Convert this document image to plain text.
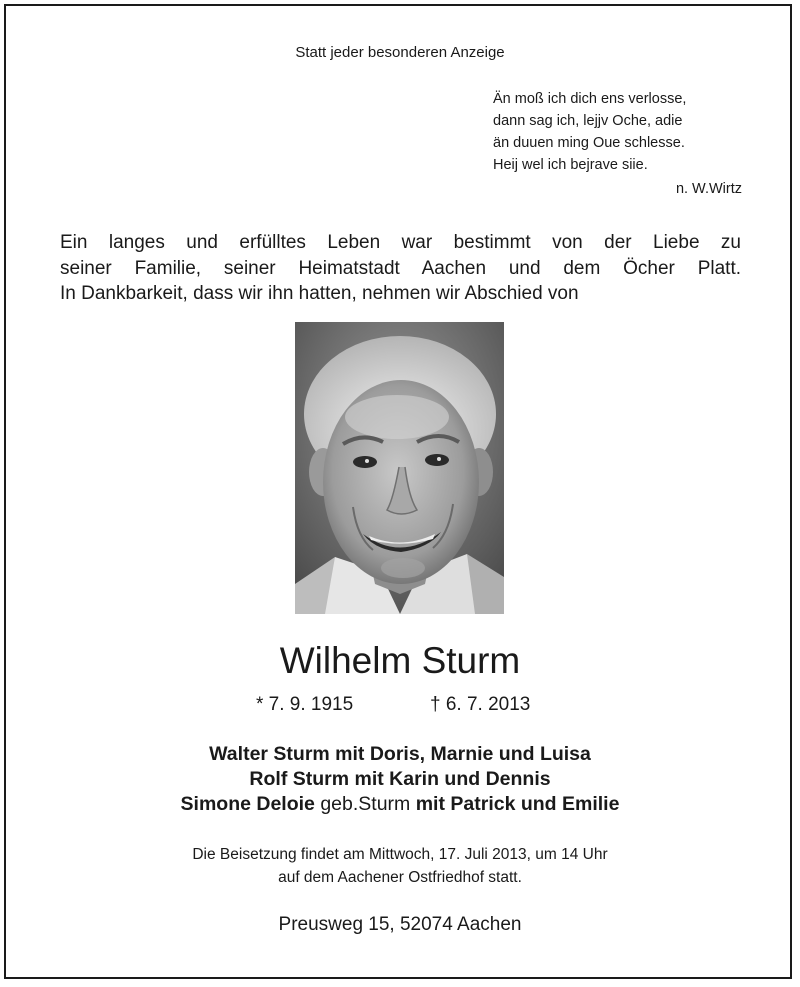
Statt jeder besonderen Anzeige
Än moß ich dich ens verlosse,
dann sag ich, lejjv Oche, adie
än duuen ming Oue schlesse.
Heij wel ich bejrave siie.
n. W.Wirtz
Ein langes und erfülltes Leben war bestimmt von der Liebe zu
seiner Familie, seiner Heimatstadt Aachen und dem Öcher Platt.
In Dankbarkeit, dass wir ihn hatten, nehmen wir Abschied von
Wilhelm Sturm
* 7. 9. 1915	† 6. 7. 2013
Walter Sturm mit Doris, Marnie und Luisa
Rolf Sturm mit Karin und Dennis
Simone Deloie geb.Sturm mit Patrick und Emilie
Die Beisetzung findet am Mittwoch, 17. Juli 2013, um 14 Uhr
auf dem Aachener Ostfriedhof statt.
Preusweg 15, 52074 Aachen
